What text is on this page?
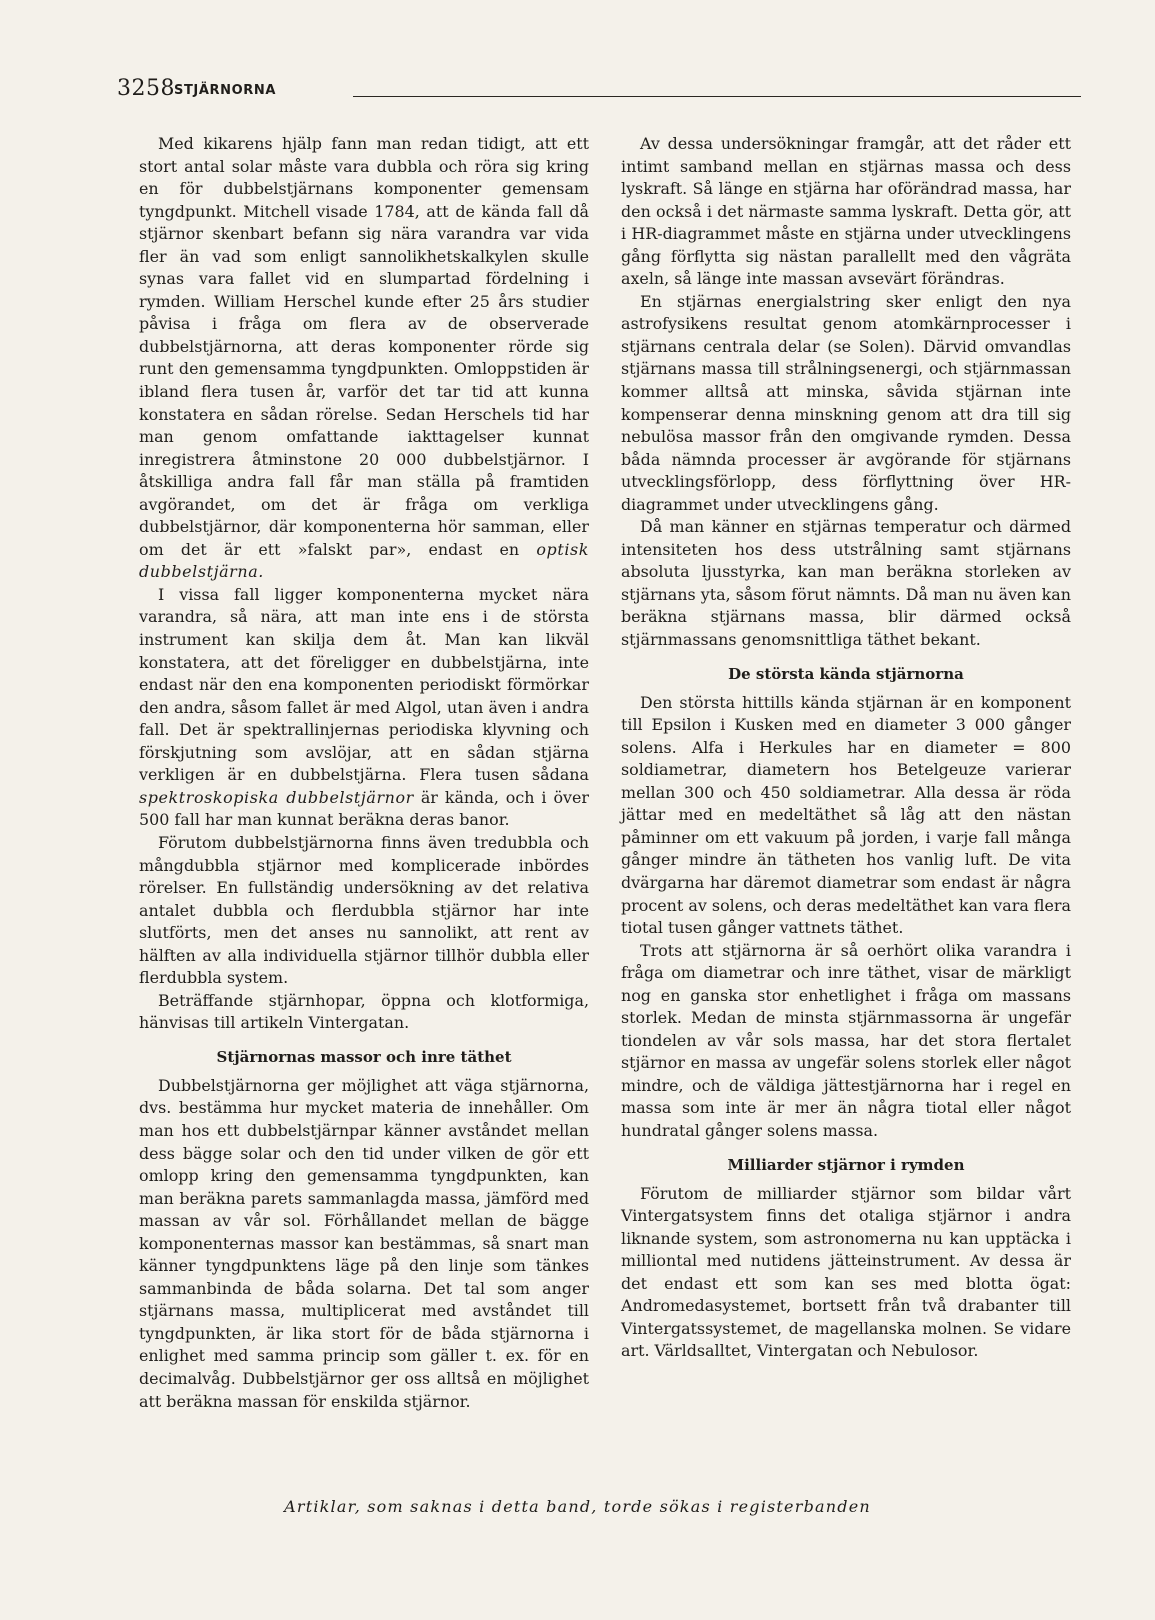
3258 STJÄRNORNA

Med kikarens hjälp fann man redan tidigt, att ett stort antal solar måste vara dubbla och röra sig kring en för dubbelstjärnans komponenter gemensam tyngdpunkt. Mitchell visade 1784, att de kända fall då stjärnor skenbart befann sig nära varandra var vida fler än vad som enligt sannolikhetskalkylen skulle synas vara fallet vid en slumpartad fördelning i rymden. William Herschel kunde efter 25 års studier påvisa i fråga om flera av de observerade dubbelstjärnorna, att deras komponenter rörde sig runt den gemensamma tyngdpunkten. Omloppstiden är ibland flera tusen år, varför det tar tid att kunna konstatera en sådan rörelse. Sedan Herschels tid har man genom omfattande iakttagelser kunnat inregistrera åtminstone 20 000 dubbelstjärnor. I åtskilliga andra fall får man ställa på framtiden avgörandet, om det är fråga om verkliga dubbelstjärnor, där komponenterna hör samman, eller om det är ett »falskt par», endast en optisk dubbelstjärna.

I vissa fall ligger komponenterna mycket nära varandra, så nära, att man inte ens i de största instrument kan skilja dem åt. Man kan likväl konstatera, att det föreligger en dubbelstjärna, inte endast när den ena komponenten periodiskt förmörkar den andra, såsom fallet är med Algol, utan även i andra fall. Det är spektrallinjernas periodiska klyvning och förskjutning som avslöjar, att en sådan stjärna verkligen är en dubbelstjärna. Flera tusen sådana spektroskopiska dubbelstjärnor är kända, och i över 500 fall har man kunnat beräkna deras banor.

Förutom dubbelstjärnorna finns även tredubbla och mångdubbla stjärnor med komplicerade inbördes rörelser. En fullständig undersökning av det relativa antalet dubbla och flerdubbla stjärnor har inte slutförts, men det anses nu sannolikt, att rent av hälften av alla individuella stjärnor tillhör dubbla eller flerdubbla system.

Beträffande stjärnhopar, öppna och klotformiga, hänvisas till artikeln Vintergatan.

Stjärnornas massor och inre täthet

Dubbelstjärnorna ger möjlighet att väga stjärnorna, dvs. bestämma hur mycket materia de innehåller. Om man hos ett dubbelstjärnpar känner avståndet mellan dess bägge solar och den tid under vilken de gör ett omlopp kring den gemensamma tyngdpunkten, kan man beräkna parets sammanlagda massa, jämförd med massan av vår sol. Förhållandet mellan de bägge komponenternas massor kan bestämmas, så snart man känner tyngdpunktens läge på den linje som tänkes sammanbinda de båda solarna. Det tal som anger stjärnans massa, multiplicerat med avståndet till tyngdpunkten, är lika stort för de båda stjärnorna i enlighet med samma princip som gäller t. ex. för en decimalvåg. Dubbelstjärnor ger oss alltså en möjlighet att beräkna massan för enskilda stjärnor.

Av dessa undersökningar framgår, att det råder ett intimt samband mellan en stjärnas massa och dess lyskraft. Så länge en stjärna har oförändrad massa, har den också i det närmaste samma lyskraft. Detta gör, att i HR-diagrammet måste en stjärna under utvecklingens gång förflytta sig nästan parallellt med den vågräta axeln, så länge inte massan avsevärt förändras.

En stjärnas energialstring sker enligt den nya astrofysikens resultat genom atomkärnprocesser i stjärnans centrala delar (se Solen). Därvid omvandlas stjärnans massa till strålningsenergi, och stjärnmassan kommer alltså att minska, såvida stjärnan inte kompenserar denna minskning genom att dra till sig nebulösa massor från den omgivande rymden. Dessa båda nämnda processer är avgörande för stjärnans utvecklingsförlopp, dess förflyttning över HR-diagrammet under utvecklingens gång.

Då man känner en stjärnas temperatur och därmed intensiteten hos dess utstrålning samt stjärnans absoluta ljusstyrka, kan man beräkna storleken av stjärnans yta, såsom förut nämnts. Då man nu även kan beräkna stjärnans massa, blir därmed också stjärnmassans genomsnittliga täthet bekant.

De största kända stjärnorna

Den största hittills kända stjärnan är en komponent till Epsilon i Kusken med en diameter 3 000 gånger solens. Alfa i Herkules har en diameter = 800 soldiametrar, diametern hos Betelgeuze varierar mellan 300 och 450 soldiametrar. Alla dessa är röda jättar med en medeltäthet så låg att den nästan påminner om ett vakuum på jorden, i varje fall många gånger mindre än tätheten hos vanlig luft. De vita dvärgarna har däremot diametrar som endast är några procent av solens, och deras medeltäthet kan vara flera tiotal tusen gånger vattnets täthet.

Trots att stjärnorna är så oerhört olika varandra i fråga om diametrar och inre täthet, visar de märkligt nog en ganska stor enhetlighet i fråga om massans storlek. Medan de minsta stjärnmassorna är ungefär tiondelen av vår sols massa, har det stora flertalet stjärnor en massa av ungefär solens storlek eller något mindre, och de väldiga jättestjärnorna har i regel en massa som inte är mer än några tiotal eller något hundratal gånger solens massa.

Milliarder stjärnor i rymden

Förutom de milliarder stjärnor som bildar vårt Vintergatsystem finns det otaliga stjärnor i andra liknande system, som astronomerna nu kan upptäcka i milliontal med nutidens jätteinstrument. Av dessa är det endast ett som kan ses med blotta ögat: Andromedasystemet, bortsett från två drabanter till Vintergatssystemet, de magellanska molnen. Se vidare art. Världsalltet, Vintergatan och Nebulosor.

Artiklar, som saknas i detta band, torde sökas i registerbanden
